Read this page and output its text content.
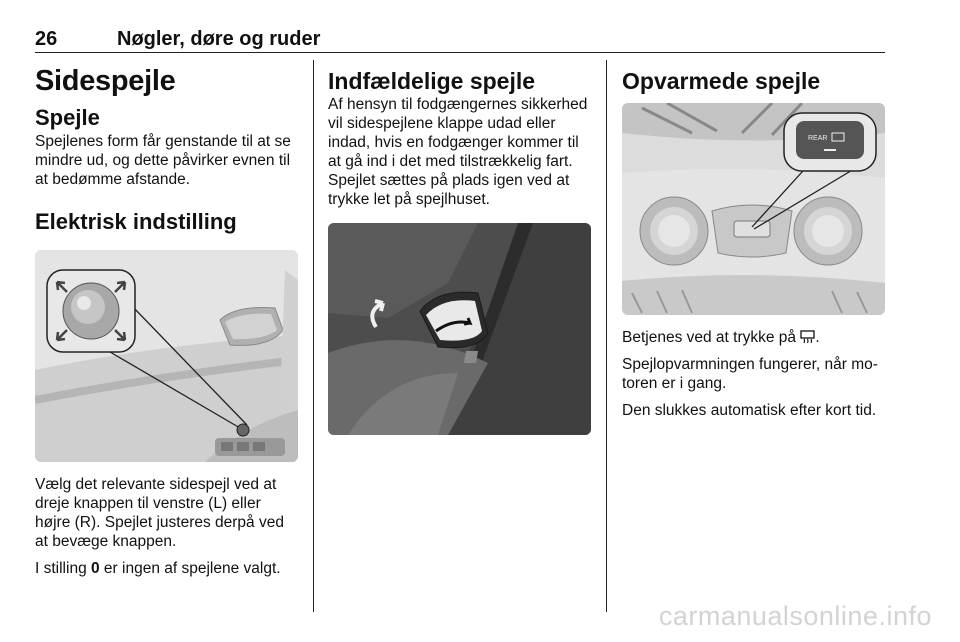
26	Nøgler, døre og ruder
Sidespejle
Spejle

Spejlenes form får genstande til at se mindre ud, og dette påvirker evnen til at bedømme afstande.

Elektrisk indstilling

Vælg det relevante sidespejl ved at dreje knappen til venstre (L) eller højre (R). Spejlet justeres derpå ved at bevæge knappen.

I stilling 0 er ingen af spejlene valgt.

Indfældelige spejle

Af hensyn til fodgængernes sikkerhed vil sidespejlene klappe udad eller indad, hvis en fodgænger kommer til at gå ind i det med tilstrækkelig fart. Spejlet sættes på plads igen ved at trykke let på spejlhuset.

Opvarmede spejle
REAR

Betjenes ved at trykke på .

Spejlopvarmningen fungerer, når mo-toren er i gang.

Den slukkes automatisk efter kort tid.

carmanualsonline.info
